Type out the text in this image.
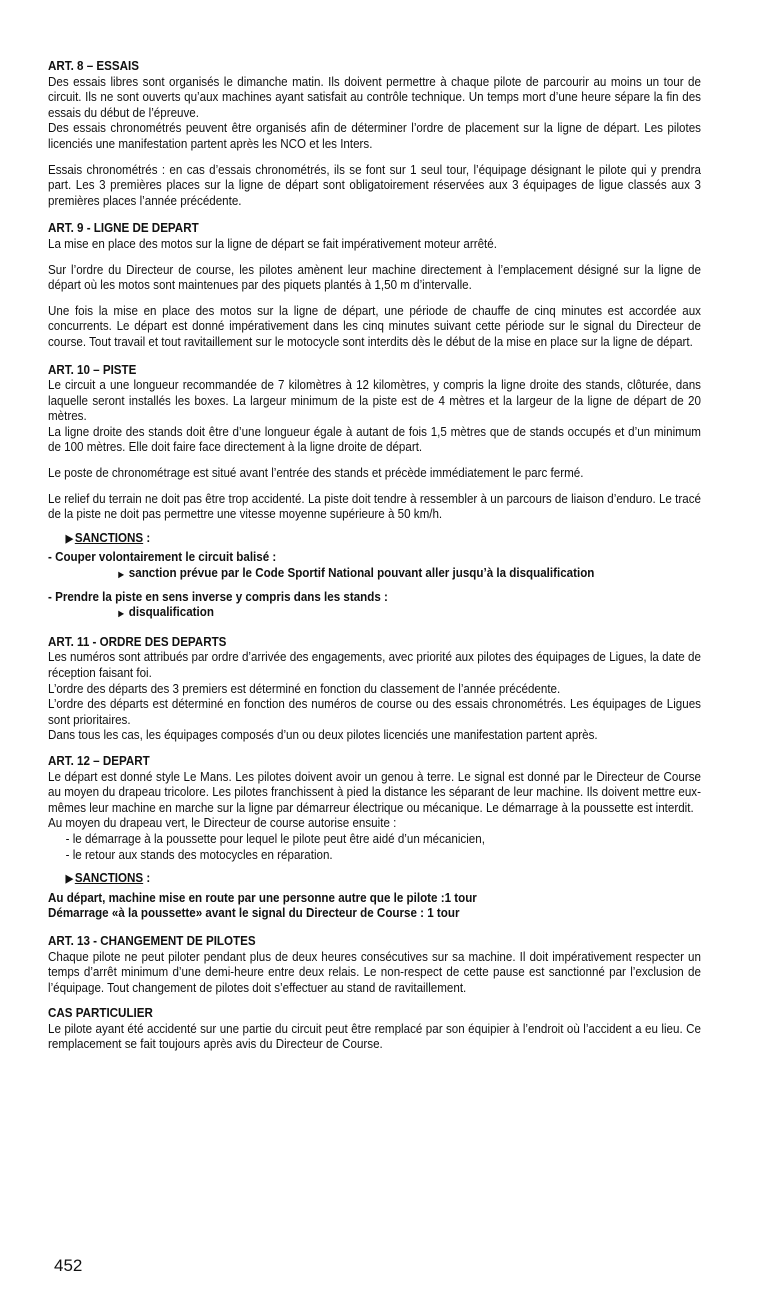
ART. 8 – ESSAIS

Des essais libres sont organisés le dimanche matin. Ils doivent permettre à chaque pilote de parcourir au moins un tour de circuit. Ils ne sont ouverts qu’aux machines ayant satisfait au contrôle technique. Un temps mort d’une heure sépare la fin des essais du début de l’épreuve.

Des essais chronométrés peuvent être organisés afin de déterminer l’ordre de placement sur la ligne de départ. Les pilotes licenciés une manifestation partent après les NCO et les Inters.

Essais chronométrés : en cas d’essais chronométrés, ils se font sur 1 seul tour, l’équipage désignant le pilote qui y prendra part. Les 3 premières places sur la ligne de départ sont obligatoirement réservées aux 3 équipages de ligue classés aux 3 premières places l’année précédente.

ART. 9 - LIGNE DE DEPART

La mise en place des motos sur la ligne de départ se fait impérativement moteur arrêté.

Sur l’ordre du Directeur de course, les pilotes amènent leur machine directement à l’emplacement désigné sur la ligne de départ où les motos sont maintenues par des piquets plantés à 1,50 m d’intervalle.

Une fois la mise en place des motos sur la ligne de départ, une période de chauffe de cinq minutes est accordée aux concurrents. Le départ est donné impérativement dans les cinq minutes suivant cette période sur le signal du Directeur de course. Tout travail et tout ravitaillement sur le motocycle sont interdits dès le début de la mise en place sur la ligne de départ.

ART. 10 – PISTE

Le circuit a une longueur recommandée de 7 kilomètres à 12 kilomètres, y compris la ligne droite des stands, clôturée, dans laquelle seront installés les boxes. La largeur minimum de la piste est de 4 mètres et la largeur de la ligne de départ de 20 mètres.

La ligne droite des stands doit être d’une longueur égale à autant de fois 1,5 mètres que de stands occupés et d’un minimum de 100 mètres. Elle doit faire face directement à la ligne droite de départ.

Le poste de chronométrage est situé avant l’entrée des stands et précède immédiatement le parc fermé.

Le relief du terrain ne doit pas être trop accidenté. La piste doit tendre à ressembler à un parcours de liaison d’enduro. Le tracé de la piste ne doit pas permettre une vitesse moyenne supérieure à 50 km/h.

▶ SANCTIONS :
- Couper volontairement le circuit balisé :
▶ sanction prévue par le Code Sportif National pouvant aller jusqu’à la disqualification
- Prendre la piste en sens inverse y compris dans les stands :
▶ disqualification
ART. 11 - ORDRE DES DEPARTS

Les numéros sont attribués par ordre d’arrivée des engagements, avec priorité aux pilotes des équipages de Ligues, la date de réception faisant foi.

L’ordre des départs des 3 premiers est déterminé en fonction du classement de l’année précédente.

L’ordre des départs est déterminé en fonction des numéros de course ou des essais chronométrés. Les équipages de Ligues sont prioritaires.

Dans tous les cas, les équipages composés d’un ou deux pilotes licenciés une manifestation partent après.

ART. 12 – DEPART

Le départ est donné style Le Mans. Les pilotes doivent avoir un genou à terre. Le signal est donné par le Directeur de Course au moyen du drapeau tricolore. Les pilotes franchissent à pied la distance les séparant de leur machine. Ils doivent mettre eux-mêmes leur machine en marche sur la ligne par démarreur électrique ou mécanique. Le démarrage à la poussette est interdit.

Au moyen du drapeau vert, le Directeur de course autorise ensuite :

- le démarrage à la poussette pour lequel le pilote peut être aidé d’un mécanicien,
- le retour aux stands des motocycles en réparation.
▶ SANCTIONS :
Au départ, machine mise en route par une personne autre que le pilote :1 tour
Démarrage «à la poussette» avant le signal du Directeur de Course : 1 tour
ART. 13 - CHANGEMENT DE PILOTES

Chaque pilote ne peut piloter pendant plus de deux heures consécutives sur sa machine. Il doit impérativement respecter un temps d’arrêt minimum d’une demi-heure entre deux relais. Le non-respect de cette pause est sanctionné par l’exclusion de l’équipage. Tout changement de pilotes doit s’effectuer au stand de ravitaillement.

CAS PARTICULIER

Le pilote ayant été accidenté sur une partie du circuit peut être remplacé par son équipier à l’endroit où l’accident a eu lieu. Ce remplacement se fait toujours après avis du Directeur de Course.

452
